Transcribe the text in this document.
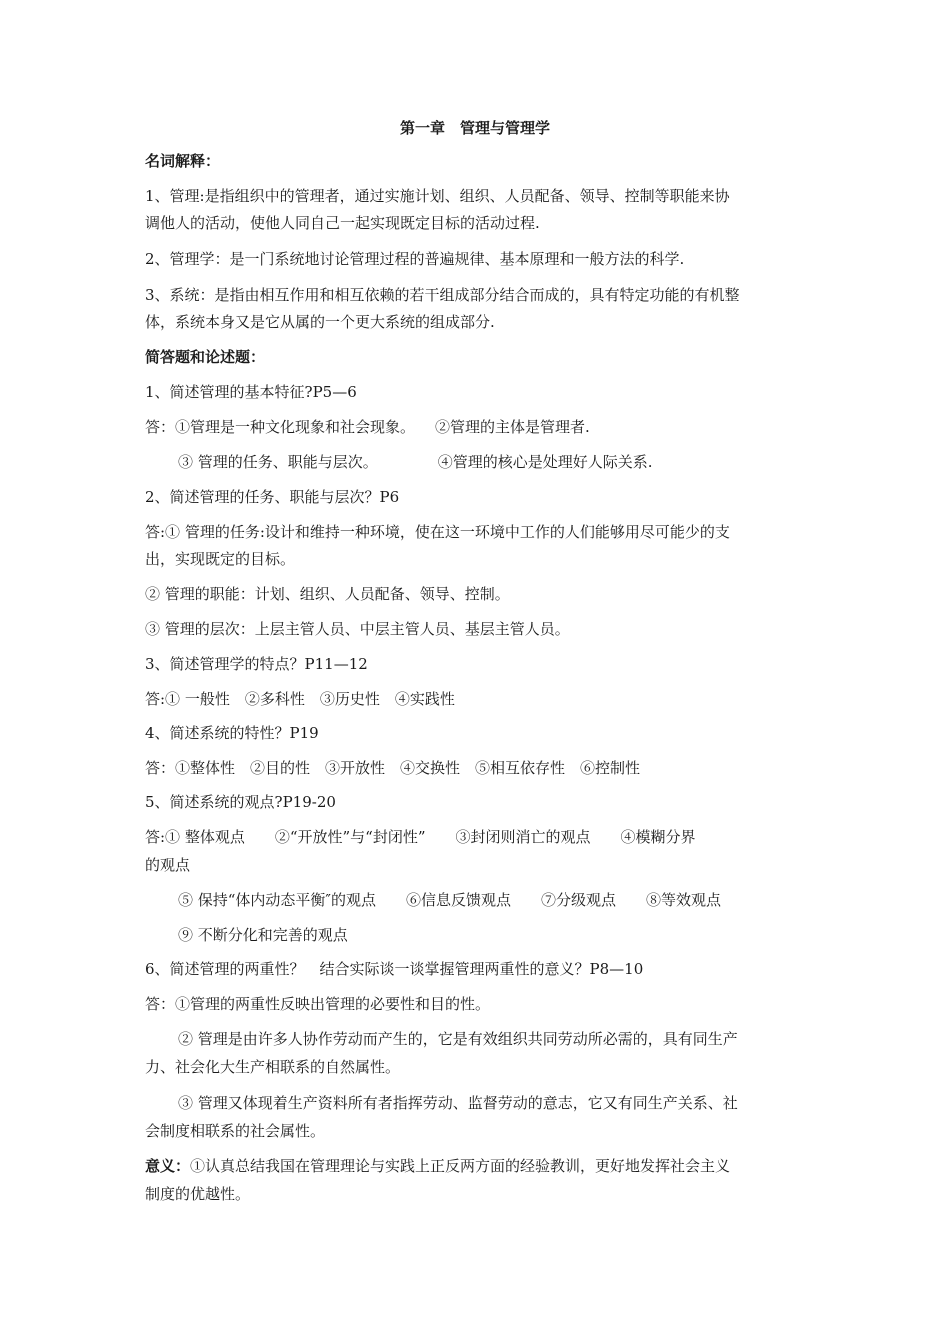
第一章　管理与管理学
名词解释：
1、管理:是指组织中的管理者，通过实施计划、组织、人员配备、领导、控制等职能来协
调他人的活动，使他人同自己一起实现既定目标的活动过程.
2、管理学：是一门系统地讨论管理过程的普遍规律、基本原理和一般方法的科学.
3、系统：是指由相互作用和相互依赖的若干组成部分结合而成的，具有特定功能的有机整
体，系统本身又是它从属的一个更大系统的组成部分.
简答题和论述题：
1、简述管理的基本特征?P5—6
答：①管理是一种文化现象和社会现象。 ②管理的主体是管理者.
③ 管理的任务、职能与层次。	④管理的核心是处理好人际关系.
2、简述管理的任务、职能与层次？P6
答:① 管理的任务:设计和维持一种环境，使在这一环境中工作的人们能够用尽可能少的支
出，实现既定的目标。
② 管理的职能：计划、组织、人员配备、领导、控制。
③ 管理的层次：上层主管人员、中层主管人员、基层主管人员。
3、简述管理学的特点？P11—12
答:① 一般性　②多科性　③历史性　④实践性
4、简述系统的特性？P19
答：①整体性　②目的性　③开放性　④交换性　⑤相互依存性　⑥控制性
5、简述系统的观点?P19-20
答:① 整体观点　　②“开放性”与“封闭性”　　③封闭则消亡的观点　　④模糊分界
的观点
⑤ 保持“体内动态平衡″的观点　　⑥信息反馈观点　　⑦分级观点　　⑧等效观点
⑨ 不断分化和完善的观点
6、简述管理的两重性？　结合实际谈一谈掌握管理两重性的意义？P8—10
答：①管理的两重性反映出管理的必要性和目的性。
② 管理是由许多人协作劳动而产生的，它是有效组织共同劳动所必需的，具有同生产
力、社会化大生产相联系的自然属性。
③ 管理又体现着生产资料所有者指挥劳动、监督劳动的意志，它又有同生产关系、社
会制度相联系的社会属性。
意义：①认真总结我国在管理理论与实践上正反两方面的经验教训，更好地发挥社会主义
制度的优越性。
